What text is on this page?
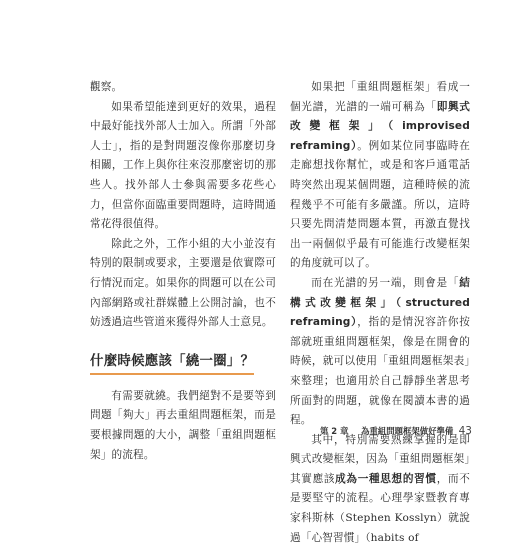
觀察。

如果希望能達到更好的效果，過程中最好能找外部人士加入。所謂「外部人士」，指的是對問題沒像你那麼切身相關，工作上與你往來沒那麼密切的那些人。找外部人士參與需要多花些心力，但當你面臨重要問題時，這時間通常花得很值得。

除此之外，工作小組的大小並沒有特別的限制或要求，主要還是依實際可行情況而定。如果你的問題可以在公司內部網路或社群媒體上公開討論，也不妨透過這些管道來獲得外部人士意見。

什麼時候應該「繞一圈」？

有需要就繞。我們絕對不是要等到問題「夠大」再去重組問題框架，而是要根據問題的大小，調整「重組問題框架」的流程。

如果把「重組問題框架」看成一個光譜，光譜的一端可稱為「即興式改變框架」（improvised reframing）。例如某位同事臨時在走廊想找你幫忙，或是和客戶通電話時突然出現某個問題，這種時候的流程幾乎不可能有多嚴謹。所以，這時只要先問清楚問題本質，再激直覺找出一兩個似乎最有可能進行改變框架的角度就可以了。

而在光譜的另一端，則會是「結構式改變框架」（structured reframing），指的是情況容許你按部就班重組問題框架，像是在開會的時候，就可以使用「重組問題框架表」來整理；也適用於自己靜靜坐著思考所面對的問題，就像在閱讀本書的過程。

其中，特別需要熟練掌握的是即興式改變框架，因為「重組問題框架」其實應該成為一種思想的習慣，而不是要堅守的流程。心理學家暨教育專家科斯林（Stephen Kosslyn）就說過「心智習慣」（habits of

第 2 章 為重組問題框架做好準備 43
